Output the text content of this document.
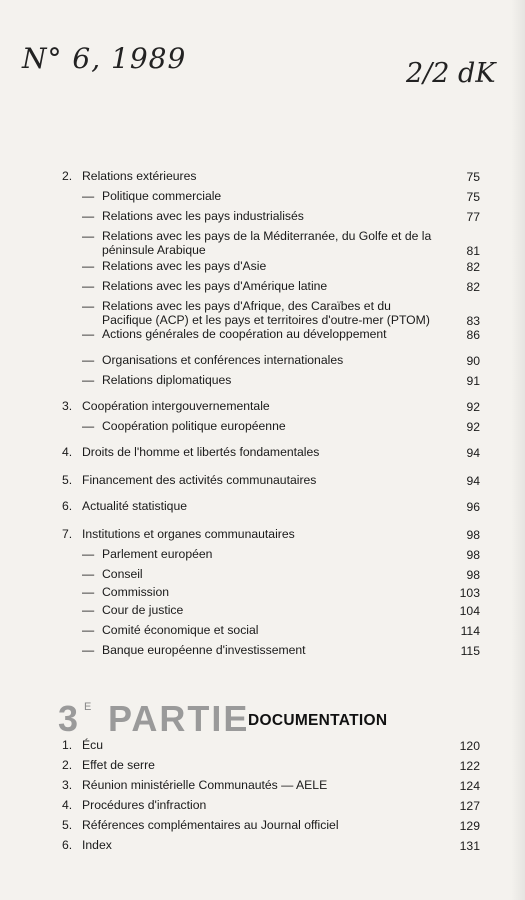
N° 6, 1989	2/2 dK
2. Relations extérieures	75
— Politique commerciale	75
— Relations avec les pays industrialisés	77
— Relations avec les pays de la Méditerranée, du Golfe et de la péninsule Arabique	81
— Relations avec les pays d'Asie	82
— Relations avec les pays d'Amérique latine	82
— Relations avec les pays d'Afrique, des Caraïbes et du Pacifique (ACP) et les pays et territoires d'outre-mer (PTOM)	83
— Actions générales de coopération au développement	86
— Organisations et conférences internationales	90
— Relations diplomatiques	91
3. Coopération intergouvernementale	92
— Coopération politique européenne	92
4. Droits de l'homme et libertés fondamentales	94
5. Financement des activités communautaires	94
6. Actualité statistique	96
7. Institutions et organes communautaires	98
— Parlement européen	98
— Conseil	98
— Commission	103
— Cour de justice	104
— Comité économique et social	114
— Banque européenne d'investissement	115
3 E PARTIE
DOCUMENTATION
1. Écu	120
2. Effet de serre	122
3. Réunion ministérielle Communautés — AELE	124
4. Procédures d'infraction	127
5. Références complémentaires au Journal officiel	129
6. Index	131
